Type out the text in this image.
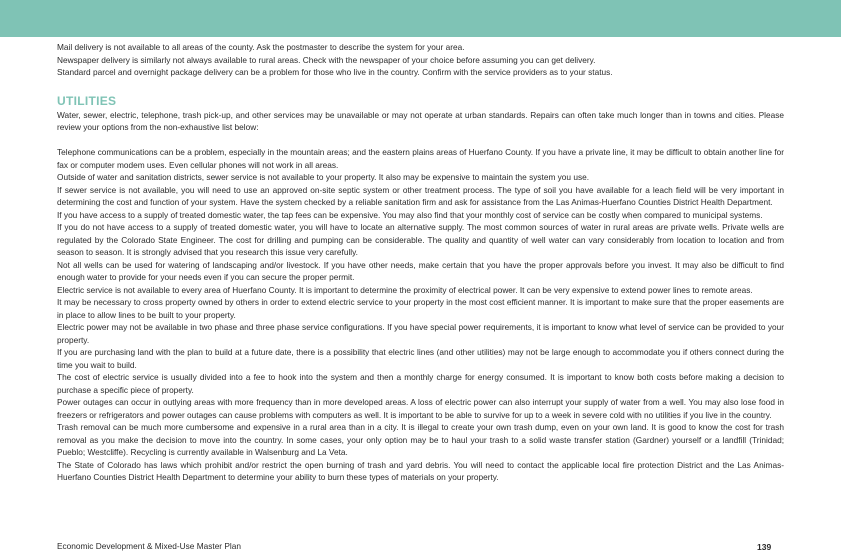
Mail delivery is not available to all areas of the county. Ask the postmaster to describe the system for your area.

Newspaper delivery is similarly not always available to rural areas. Check with the newspaper of your choice before assuming you can get delivery.

Standard parcel and overnight package delivery can be a problem for those who live in the country. Confirm with the service providers as to your status.

UTILITIES

Water, sewer, electric, telephone, trash pick-up, and other services may be unavailable or may not operate at urban standards. Repairs can often take much longer than in towns and cities. Please review your options from the non-exhaustive list below:

Telephone communications can be a problem, especially in the mountain areas; and the eastern plains areas of Huerfano County. If you have a private line, it may be difficult to obtain another line for fax or computer modem uses. Even cellular phones will not work in all areas.

Outside of water and sanitation districts, sewer service is not available to your property. It also may be expensive to maintain the system you use.

If sewer service is not available, you will need to use an approved on-site septic system or other treatment process. The type of soil you have available for a leach field will be very important in determining the cost and function of your system. Have the system checked by a reliable sanitation firm and ask for assistance from the Las Animas-Huerfano Counties District Health Department.

If you have access to a supply of treated domestic water, the tap fees can be expensive. You may also find that your monthly cost of service can be costly when compared to municipal systems.

If you do not have access to a supply of treated domestic water, you will have to locate an alternative supply. The most common sources of water in rural areas are private wells. Private wells are regulated by the Colorado State Engineer. The cost for drilling and pumping can be considerable. The quality and quantity of well water can vary considerably from location to location and from season to season. It is strongly advised that you research this issue very carefully.

Not all wells can be used for watering of landscaping and/or livestock. If you have other needs, make certain that you have the proper approvals before you invest. It may also be difficult to find enough water to provide for your needs even if you can secure the proper permit.

Electric service is not available to every area of Huerfano County. It is important to determine the proximity of electrical power. It can be very expensive to extend power lines to remote areas.

It may be necessary to cross property owned by others in order to extend electric service to your property in the most cost efficient manner. It is important to make sure that the proper easements are in place to allow lines to be built to your property.

Electric power may not be available in two phase and three phase service configurations. If you have special power requirements, it is important to know what level of service can be provided to your property.

If you are purchasing land with the plan to build at a future date, there is a possibility that electric lines (and other utilities) may not be large enough to accommodate you if others connect during the time you wait to build.

The cost of electric service is usually divided into a fee to hook into the system and then a monthly charge for energy consumed. It is important to know both costs before making a decision to purchase a specific piece of property.

Power outages can occur in outlying areas with more frequency than in more developed areas. A loss of electric power can also interrupt your supply of water from a well. You may also lose food in freezers or refrigerators and power outages can cause problems with computers as well. It is important to be able to survive for up to a week in severe cold with no utilities if you live in the country.

Trash removal can be much more cumbersome and expensive in a rural area than in a city. It is illegal to create your own trash dump, even on your own land. It is good to know the cost for trash removal as you make the decision to move into the country. In some cases, your only option may be to haul your trash to a solid waste transfer station (Gardner) yourself or a landfill (Trinidad; Pueblo; Westcliffe). Recycling is currently available in Walsenburg and La Veta.

The State of Colorado has laws which prohibit and/or restrict the open burning of trash and yard debris. You will need to contact the applicable local fire protection District and the Las Animas-Huerfano Counties District Health Department to determine your ability to burn these types of materials on your property.

Economic Development & Mixed-Use Master Plan	139
